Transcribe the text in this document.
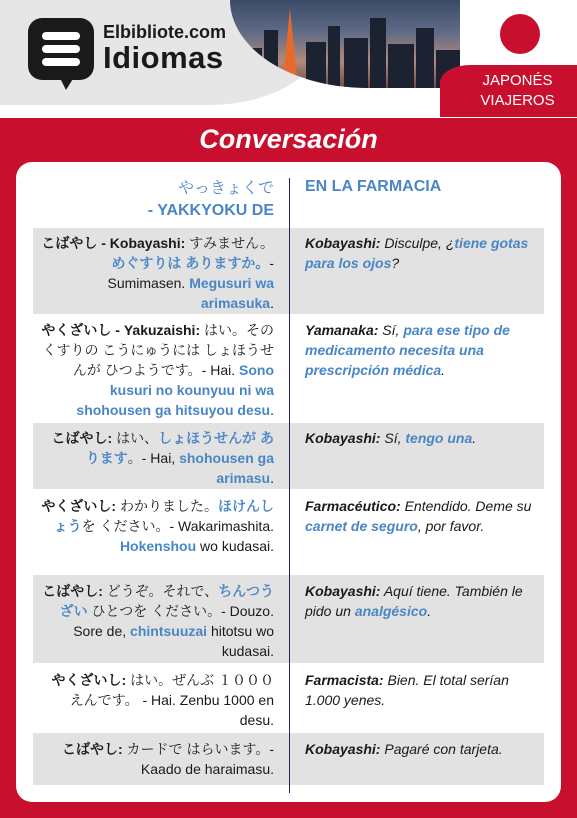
Elbibliote.com
Idiomas
JAPONÉS
VIAJEROS
Conversación
やっきょくで
- YAKKYOKU DE
EN LA FARMACIA
こばやし - Kobayashi: すみません。めぐすりは ありますか。- Sumimasen. Megusuri wa arimasuka.
Kobayashi: Disculpe, ¿tiene gotas para los ojos?
やくざいし - Yakuzaishi: はい。そのくすりの こうにゅうには しょほうせんが ひつようです。- Hai. Sono kusuri no kounyuu ni wa shohousen ga hitsuyou desu.
Yamanaka: Sí, para ese tipo de medicamento necesita una prescripción médica.
こばやし: はい、しょほうせんが あります。- Hai, shohousen ga arimasu.
Kobayashi: Sí, tengo una.
やくざいし: わかりました。ほけんしょうを ください。- Wakarimashita. Hokenshou wo kudasai.
Farmacéutico: Entendido. Deme su carnet de seguro, por favor.
こばやし: どうぞ。それで、ちんつうざい ひとつを ください。- Douzo. Sore de, chintsuuzai hitotsu wo kudasai.
Kobayashi: Aquí tiene. También le pido un analgésico.
やくざいし: はい。ぜんぶ １０００ えんです。 - Hai. Zenbu 1000 en desu.
Farmacista: Bien. El total serían 1.000 yenes.
こばやし: カードで はらいます。- Kaado de haraimasu.
Kobayashi: Pagaré con tarjeta.
